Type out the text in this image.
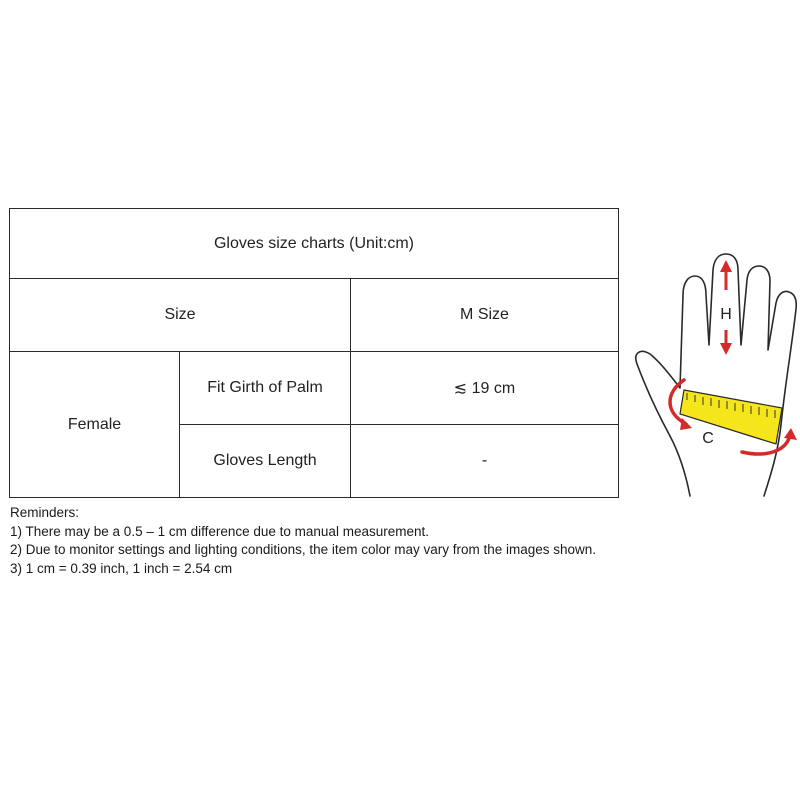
Gloves size charts (Unit:cm)		
Size		M Size
Female	Fit Girth of Palm	≲ 19 cm
	Gloves Length	-
Reminders:
1) There may be a 0.5 – 1 cm difference due to manual measurement.
2) Due to monitor settings and lighting conditions, the item color may vary from the images shown.
3) 1 cm = 0.39 inch, 1 inch = 2.54 cm
H
C
